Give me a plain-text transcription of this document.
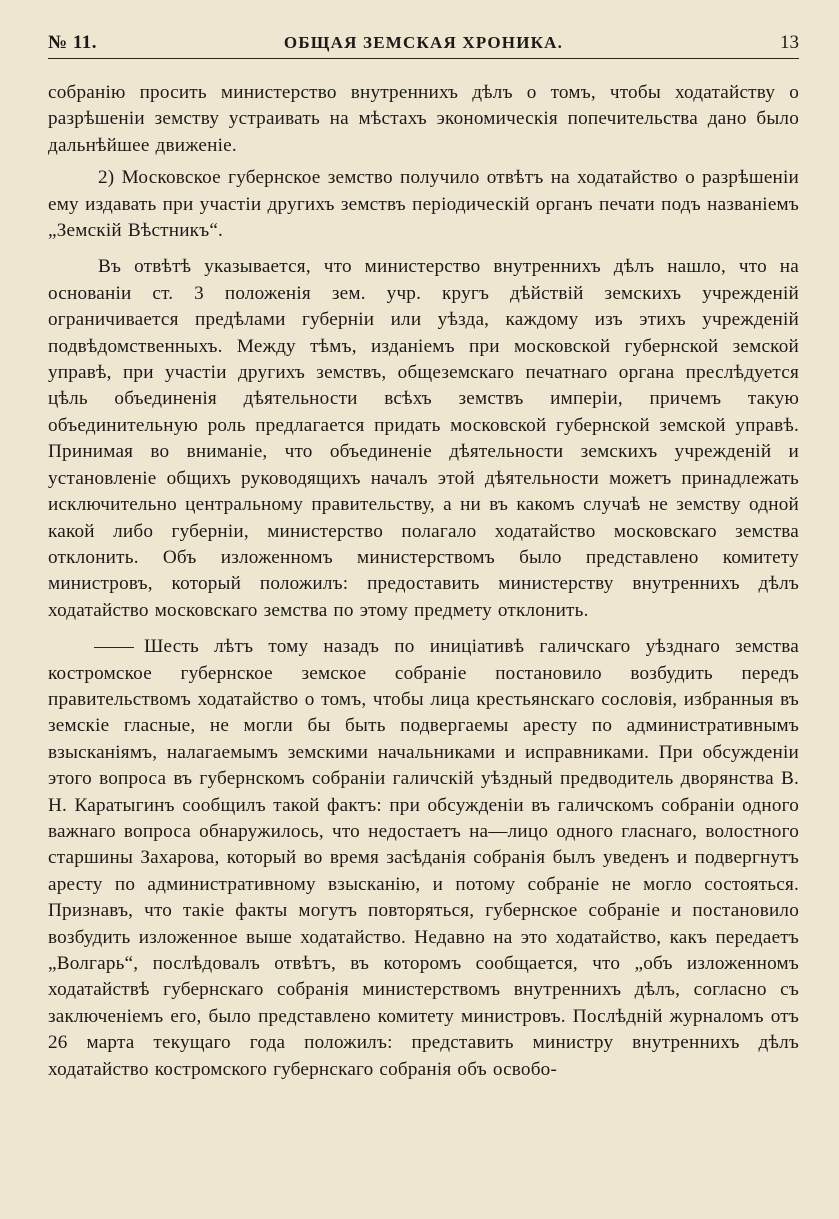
№ 11.	ОБЩАЯ ЗЕМСКАЯ ХРОНИКА.	13

собранію просить министерство внутреннихъ дѣлъ о томъ, чтобы ходатайству о разрѣшеніи земству устраивать на мѣстахъ экономическія попечительства дано было дальнѣйшее движеніе.

2) Московское губернское земство получило отвѣтъ на ходатайство о разрѣшеніи ему издавать при участіи другихъ земствъ періодическій органъ печати подъ названіемъ „Земскій Вѣстникъ“.

Въ отвѣтѣ указывается, что министерство внутреннихъ дѣлъ нашло, что на основаніи ст. 3 положенія зем. учр. кругъ дѣйствій земскихъ учрежденій ограничивается предѣлами губерніи или уѣзда, каждому изъ этихъ учрежденій подвѣдомственныхъ. Между тѣмъ, изданіемъ при московской губернской земской управѣ, при участіи другихъ земствъ, общеземскаго печатнаго органа преслѣдуется цѣль объединенія дѣятельности всѣхъ земствъ имперіи, причемъ такую объединительную роль предлагается придать московской губернской земской управѣ. Принимая во вниманіе, что объединеніе дѣятельности земскихъ учрежденій и установленіе общихъ руководящихъ началъ этой дѣятельности можетъ принадлежать исключительно центральному правительству, а ни въ какомъ случаѣ не земству одной какой либо губерніи, министерство полагало ходатайство московскаго земства отклонить. Объ изложенномъ министерствомъ было представлено комитету министровъ, который положилъ: предоставить министерству внутреннихъ дѣлъ ходатайство московскаго земства по этому предмету отклонить.

Шесть лѣтъ тому назадъ по иниціативѣ галичскаго уѣзднаго земства костромское губернское земское собраніе постановило возбудить передъ правительствомъ ходатайство о томъ, чтобы лица крестьянскаго сословія, избранныя въ земскіе гласные, не могли бы быть подвергаемы аресту по административнымъ взысканіямъ, налагаемымъ земскими начальниками и исправниками. При обсужденіи этого вопроса въ губернскомъ собраніи галичскій уѣздный предводитель дворянства В. Н. Каратыгинъ сообщилъ такой фактъ: при обсужденіи въ галичскомъ собраніи одного важнаго вопроса обнаружилось, что недостаетъ на—лицо одного гласнаго, волостного старшины Захарова, который во время засѣданія собранія былъ уведенъ и подвергнутъ аресту по административному взысканію, и потому собраніе не могло состояться. Признавъ, что такіе факты могутъ повторяться, губернское собраніе и постановило возбудить изложенное выше ходатайство. Недавно на это ходатайство, какъ передаетъ „Волгарь“, послѣдовалъ отвѣтъ, въ которомъ сообщается, что „объ изложенномъ ходатайствѣ губернскаго собранія министерствомъ внутреннихъ дѣлъ, согласно съ заключеніемъ его, было представлено комитету министровъ. Послѣдній журналомъ отъ 26 марта текущаго года положилъ: представить министру внутреннихъ дѣлъ ходатайство костромского губернскаго собранія объ освобо-
